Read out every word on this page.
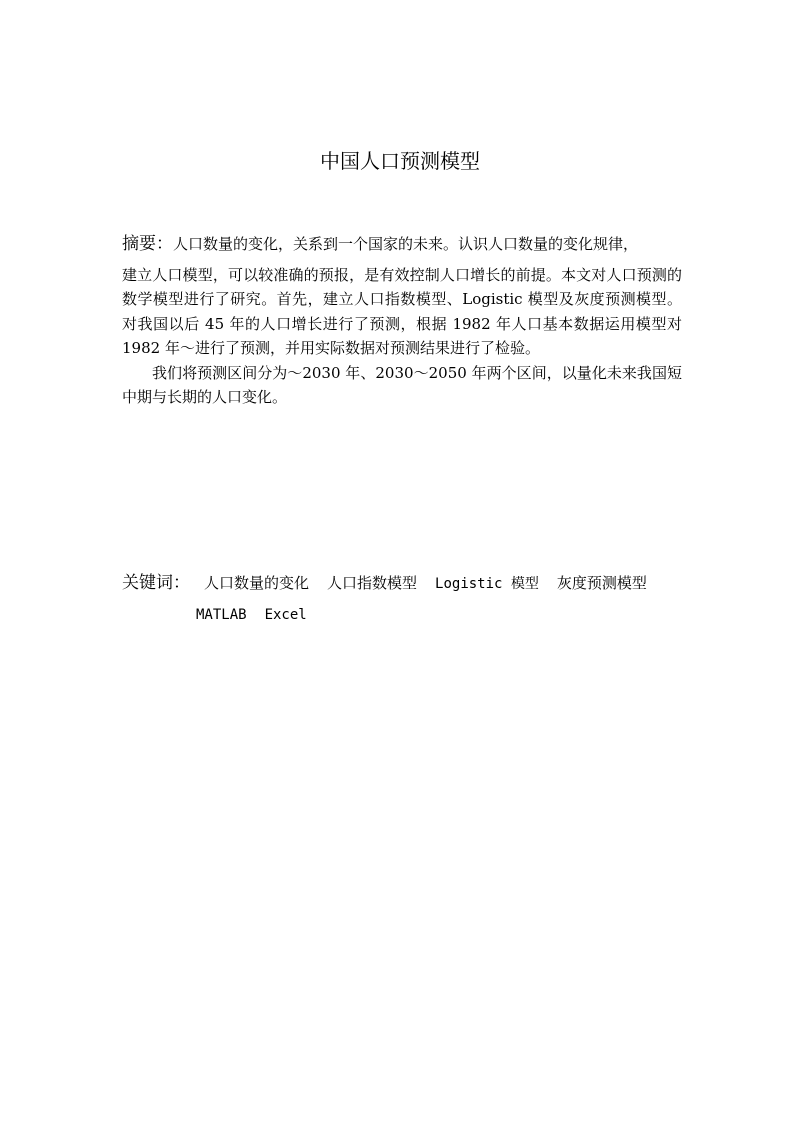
中国人口预测模型

摘要：人口数量的变化，关系到一个国家的未来。认识人口数量的变化规律，

建立人口模型，可以较准确的预报，是有效控制人口增长的前提。本文对人口预测的数学模型进行了研究。首先，建立人口指数模型、Logistic 模型及灰度预测模型。对我国以后 45 年的人口增长进行了预测，根据 1982 年人口基本数据运用模型对 1982 年～进行了预测，并用实际数据对预测结果进行了检验。

我们将预测区间分为～2030 年、2030～2050 年两个区间，以量化未来我国短中期与长期的人口变化。

关键词： 人口数量的变化 人口指数模型 Logistic 模型 灰度预测模型
MATLAB Excel
